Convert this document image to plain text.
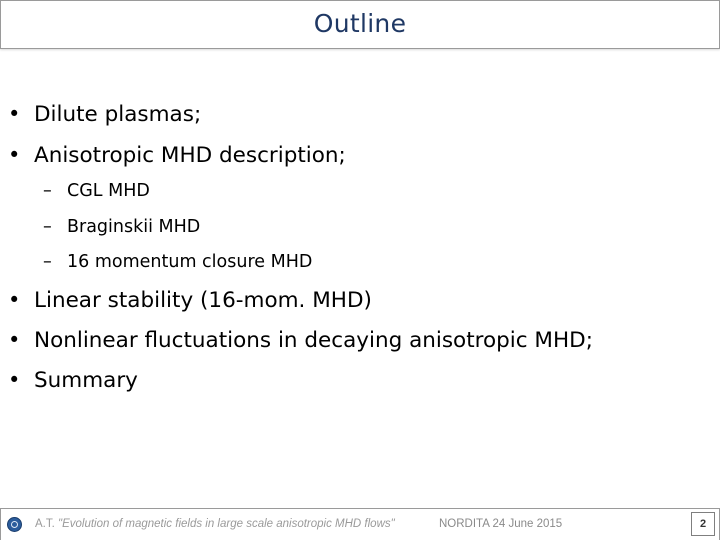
Outline
• Dilute plasmas;
• Anisotropic MHD description;
– CGL MHD
– Braginskii MHD
– 16 momentum closure MHD
• Linear stability (16-mom. MHD)
• Nonlinear fluctuations in decaying anisotropic MHD;
• Summary
A.T. "Evolution of magnetic fields in large scale anisotropic MHD flows"	NORDITA 24 June 2015	2
